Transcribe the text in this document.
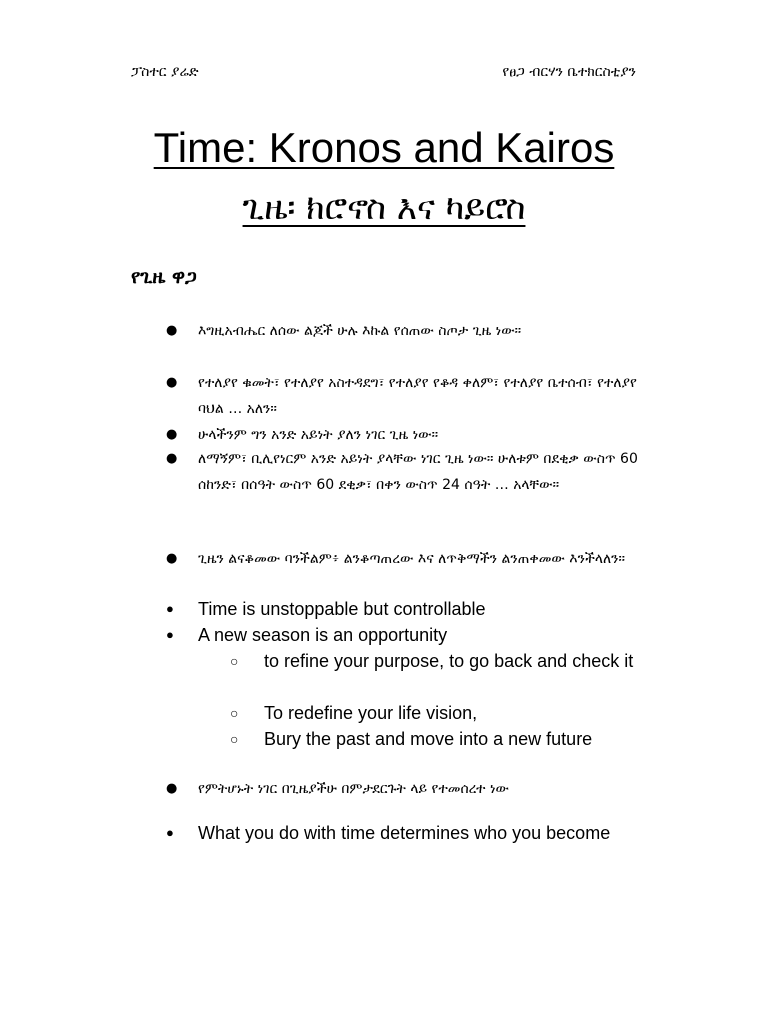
ፓስተር ያሬድ	የፀጋ ብርሃን ቤተክርስቲያን
Time: Kronos and Kairos
ጊዜ፡ ክሮኖስ እና ካይሮስ
የጊዜ ዋጋ
● እግዚአብሔር ለሰው ልጆች ሁሉ እኩል የሰጠው ስጦታ ጊዜ ነው።
● የተለያየ ቁመት፣ የተለያየ አስተዳደግ፣ የተለያየ የቆዳ ቀለም፣ የተለያየ ቤተሰብ፣ የተለያየ ባህል … አለን።
● ሁላችንም ግን አንድ አይነት ያለን ነገር ጊዜ ነው።
● ለማኝም፣ ቢሊየነርም አንድ አይነት ያላቸው ነገር ጊዜ ነው። ሁለቱም በደቂቃ ውስጥ 60 ሰከንድ፣ በሰዓት ውስጥ 60 ደቂቃ፣ በቀን ውስጥ 24 ሰዓት … አላቸው።
● ጊዜን ልናቆመው ባንችልም፥ ልንቆጣጠረው እና ለጥቅማችን ልንጠቀመው እንችላለን።
● Time is unstoppable but controllable
● A new season is an opportunity
○ to refine your purpose, to go back and check it
○ To redefine your life vision,
○ Bury the past and move into a new future
● የምትሆኑት ነገር በጊዜያችሁ በምታደርጉት ላይ የተመሰረተ ነው
● What you do with time determines who you become
